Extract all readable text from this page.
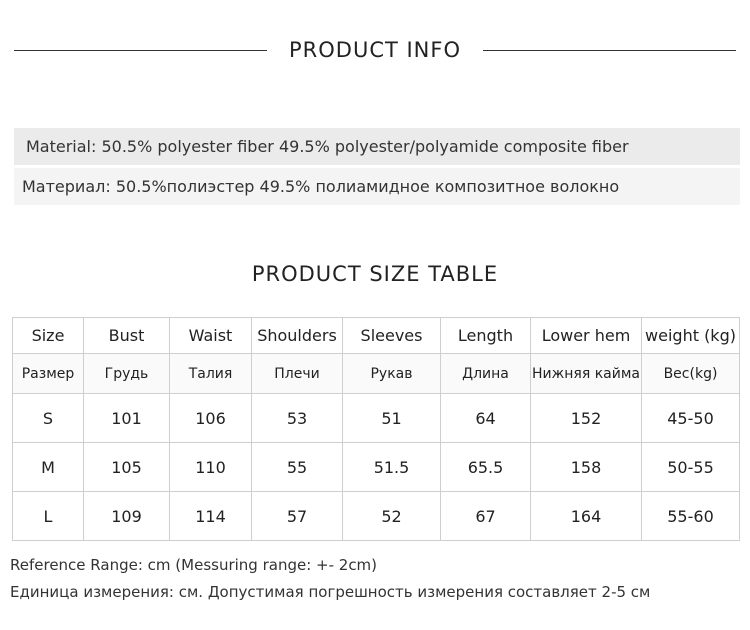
PRODUCT INFO
Material: 50.5% polyester fiber 49.5% polyester/polyamide composite fiber
Материал: 50.5%полиэстер 49.5% полиамидное композитное волокно
PRODUCT SIZE TABLE
Size	Bust	Waist	Shoulders	Sleeves	Length	Lower hem	weight (kg)
Размер	Грудь	Талия	Плечи	Рукав	Длина	Нижняя кайма	Вес(kg)
S	101	106	53	51	64	152	45-50
M	105	110	55	51.5	65.5	158	50-55
L	109	114	57	52	67	164	55-60
Reference Range: cm (Messuring range: +- 2cm)
Единица измерения: см. Допустимая погрешность измерения составляет 2-5 см
